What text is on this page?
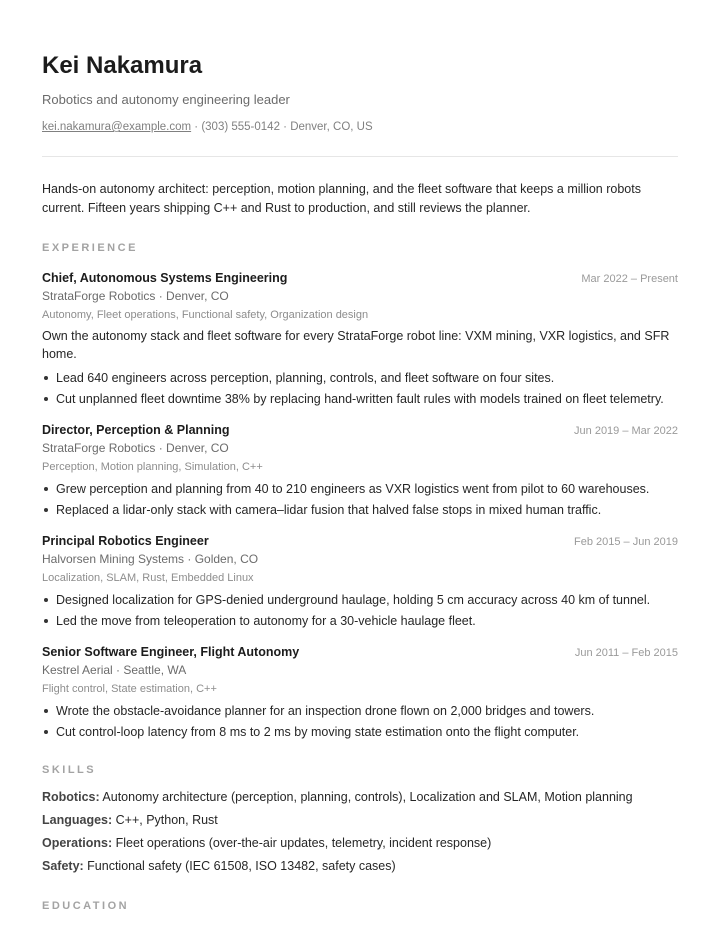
Kei Nakamura
Robotics and autonomy engineering leader
kei.nakamura@example.com · (303) 555-0142 · Denver, CO, US
Hands-on autonomy architect: perception, motion planning, and the fleet software that keeps a million robots current. Fifteen years shipping C++ and Rust to production, and still reviews the planner.
EXPERIENCE
Chief, Autonomous Systems Engineering	Mar 2022 – Present
StrataForge Robotics · Denver, CO
Autonomy, Fleet operations, Functional safety, Organization design
Own the autonomy stack and fleet software for every StrataForge robot line: VXM mining, VXR logistics, and SFR home.
Lead 640 engineers across perception, planning, controls, and fleet software on four sites.
Cut unplanned fleet downtime 38% by replacing hand-written fault rules with models trained on fleet telemetry.
Director, Perception & Planning	Jun 2019 – Mar 2022
StrataForge Robotics · Denver, CO
Perception, Motion planning, Simulation, C++
Grew perception and planning from 40 to 210 engineers as VXR logistics went from pilot to 60 warehouses.
Replaced a lidar-only stack with camera–lidar fusion that halved false stops in mixed human traffic.
Principal Robotics Engineer	Feb 2015 – Jun 2019
Halvorsen Mining Systems · Golden, CO
Localization, SLAM, Rust, Embedded Linux
Designed localization for GPS-denied underground haulage, holding 5 cm accuracy across 40 km of tunnel.
Led the move from teleoperation to autonomy for a 30-vehicle haulage fleet.
Senior Software Engineer, Flight Autonomy	Jun 2011 – Feb 2015
Kestrel Aerial · Seattle, WA
Flight control, State estimation, C++
Wrote the obstacle-avoidance planner for an inspection drone flown on 2,000 bridges and towers.
Cut control-loop latency from 8 ms to 2 ms by moving state estimation onto the flight computer.
SKILLS
Robotics: Autonomy architecture (perception, planning, controls), Localization and SLAM, Motion planning
Languages: C++, Python, Rust
Operations: Fleet operations (over-the-air updates, telemetry, incident response)
Safety: Functional safety (IEC 61508, ISO 13482, safety cases)
EDUCATION
